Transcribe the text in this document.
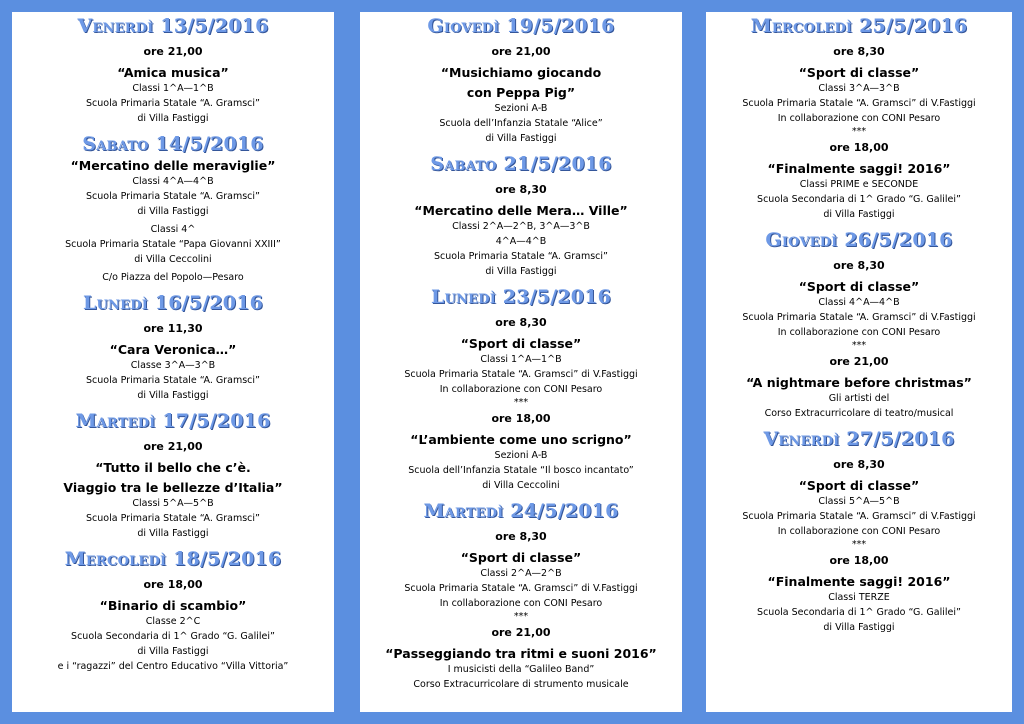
Venerdì 13/5/2016
ore 21,00
“Amica musica”
Classi 1^A—1^B
Scuola Primaria Statale “A. Gramsci”
di Villa Fastiggi
Sabato 14/5/2016
“Mercatino delle meraviglie”
Classi 4^A—4^B
Scuola Primaria Statale “A. Gramsci”
di Villa Fastiggi
Classi 4^
Scuola Primaria Statale “Papa Giovanni XXIII”
di Villa Ceccolini
C/o Piazza del Popolo—Pesaro
Lunedì 16/5/2016
ore 11,30
“Cara Veronica…”
Classe 3^A—3^B
Scuola Primaria Statale “A. Gramsci”
di Villa Fastiggi
Martedì 17/5/2016
ore 21,00
“Tutto il bello che c’è.
Viaggio tra le bellezze d’Italia”
Classi 5^A—5^B
Scuola Primaria Statale “A. Gramsci”
di Villa Fastiggi
Mercoledì 18/5/2016
ore 18,00
“Binario di scambio”
Classe 2^C
Scuola Secondaria di 1^ Grado “G. Galilei”
di Villa Fastiggi
e i “ragazzi” del Centro Educativo “Villa Vittoria”
Giovedì 19/5/2016
ore 21,00
“Musichiamo giocando
con Peppa Pig”
Sezioni A-B
Scuola dell’Infanzia Statale “Alice”
di Villa Fastiggi
Sabato 21/5/2016
ore 8,30
“Mercatino delle Mera… Ville”
Classi 2^A—2^B, 3^A—3^B
4^A—4^B
Scuola Primaria Statale “A. Gramsci”
di Villa Fastiggi
Lunedì 23/5/2016
ore 8,30
“Sport di classe”
Classi 1^A—1^B
Scuola Primaria Statale “A. Gramsci” di V.Fastiggi
In collaborazione con CONI Pesaro
***
ore 18,00
“L’ambiente come uno scrigno”
Sezioni A-B
Scuola dell’Infanzia Statale “Il bosco incantato”
di Villa Ceccolini
Martedì 24/5/2016
ore 8,30
“Sport di classe”
Classi 2^A—2^B
Scuola Primaria Statale “A. Gramsci” di V.Fastiggi
In collaborazione con CONI Pesaro
***
ore 21,00
“Passeggiando tra ritmi e suoni 2016”
I musicisti della “Galileo Band”
Corso Extracurricolare di strumento musicale
Mercoledì 25/5/2016
ore 8,30
“Sport di classe”
Classi 3^A—3^B
Scuola Primaria Statale “A. Gramsci” di V.Fastiggi
In collaborazione con CONI Pesaro
***
ore 18,00
“Finalmente saggi! 2016”
Classi PRIME e SECONDE
Scuola Secondaria di 1^ Grado “G. Galilei”
di Villa Fastiggi
Giovedì 26/5/2016
ore 8,30
“Sport di classe”
Classi 4^A—4^B
Scuola Primaria Statale “A. Gramsci” di V.Fastiggi
In collaborazione con CONI Pesaro
***
ore 21,00
“A nightmare before christmas”
Gli artisti del
Corso Extracurricolare di teatro/musical
Venerdì 27/5/2016
ore 8,30
“Sport di classe”
Classi 5^A—5^B
Scuola Primaria Statale “A. Gramsci” di V.Fastiggi
In collaborazione con CONI Pesaro
***
ore 18,00
“Finalmente saggi! 2016”
Classi TERZE
Scuola Secondaria di 1^ Grado “G. Galilei”
di Villa Fastiggi
